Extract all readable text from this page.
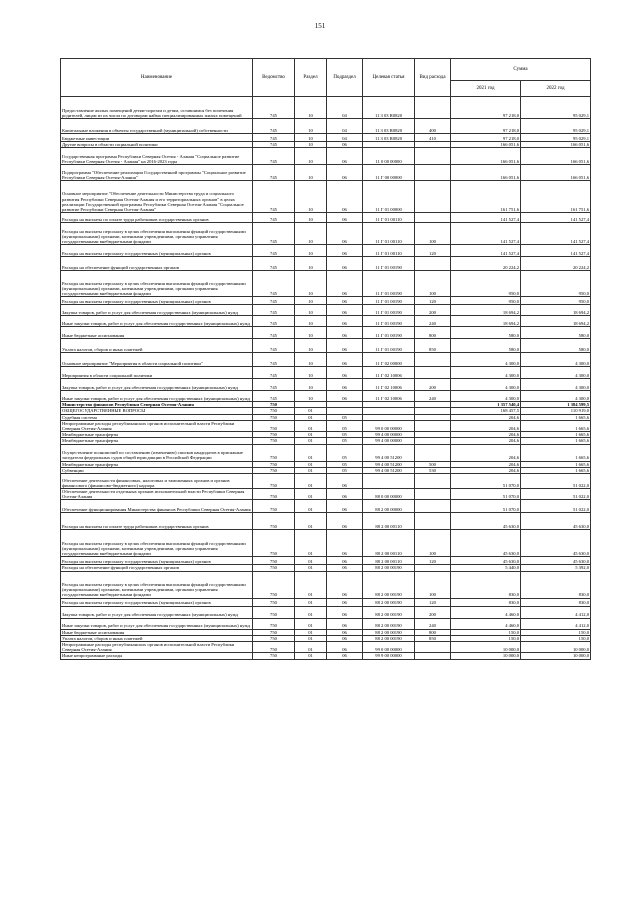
151
Наименование	Ведомство	Раздел	Подраздел	Целевая статья	Вид расхода	Сумма	
						2021 год	2022 год
Предоставление жилых помещений детям-сиротам и детям, оставшимся без попечения родителей, лицам из их числа по договорам найма специализированных жилых помещений	745	10	04	11 3 03 R0820		97 218,0	95 029,1
Капитальные вложения в объекты государственной (муниципальной) собственности	745	10	04	11 3 03 R0820	400	97 218,0	95 029,1
Бюджетные инвестиции	745	10	04	11 3 03 R0820	410	97 218,0	95 029,1
Другие вопросы в области социальной политики	745	10	06			166 051,6	166 051,6
Государственная программа Республики Северная Осетия - Алания "Социальное развитие Республики Северная Осетия - Алания" на 2016-2023 годы	745	10	06	11 0 00 00000		166 051,6	166 051,6
Подпрограмма "Обеспечение реализации Государственной программы "Социальное развитие Республики Северная Осетия-Алания"	745	10	06	11 Г 00 00000		166 051,6	166 051,6
Основное мероприятие "Обеспечение деятельности Министерства труда и социального развития Республики Северная Осетия-Алания и его территориальных органов" в целях реализации Государственной программы Республики Северная Осетия-Алания "Социальное развитие Республики Северная Осетия-Алания"	745	10	06	11 Г 01 00000		161 751,6	161 751,6
Расходы на выплаты по оплате труда работников государственных органов	745	10	06	11 Г 01 00110		141 527,4	141 527,4
Расходы на выплаты персоналу в целях обеспечения выполнения функций государственными (муниципальными) органами, казенными учреждениями, органами управления государственными внебюджетными фондами	745	10	06	11 Г 01 00110	100	141 527,4	141 527,4
Расходы на выплаты персоналу государственных (муниципальных) органов	745	10	06	11 Г 01 00110	120	141 527,4	141 527,4
Расходы на обеспечение функций государственных органов	745	10	06	11 Г 01 00190		20 224,2	20 224,2
Расходы на выплаты персоналу в целях обеспечения выполнения функций государственными (муниципальными) органами, казенными учреждениями, органами управления государственными внебюджетными фондами	745	10	06	11 Г 01 00190	100	950,0	950,0
Расходы на выплаты персоналу государственных (муниципальных) органов	745	10	06	11 Г 01 00190	120	950,0	950,0
Закупка товаров, работ и услуг для обеспечения государственных (муниципальных) нужд	745	10	06	11 Г 01 00190	200	18 694,2	18 694,2
Иные закупки товаров, работ и услуг для обеспечения государственных (муниципальных) нужд	745	10	06	11 Г 01 00190	240	18 694,2	18 694,2
Иные бюджетные ассигнования	745	10	06	11 Г 01 00190	800	580,0	580,0
Уплата налогов, сборов и иных платежей	745	10	06	11 Г 01 00190	850	580,0	580,0
Основное мероприятие "Мероприятия в области социальной политики"	745	10	06	11 Г 02 00000		4 300,0	4 300,0
Мероприятия в области социальной политики	745	10	06	11 Г 02 10006		4 300,0	4 300,0
Закупка товаров, работ и услуг для обеспечения государственных (муниципальных) нужд	745	10	06	11 Г 02 10006	200	4 300,0	4 300,0
Иные закупки товаров, работ и услуг для обеспечения государственных (муниципальных) нужд	745	10	06	11 Г 02 10006	240	4 300,0	4 300,0
Министерство финансов Республики Северная Осетия-Алания	750					1 357 540,4	1 384 599,5
ОБЩЕГОСУДАРСТВЕННЫЕ ВОПРОСЫ	750	01				168 457,5	110 919,0
Судебная система	750	01	05			204,6	1 665,6
Непрограммные расходы республиканских органов исполнительной власти Республики Северная Осетия-Алания	750	01	05	99 0 00 00000		204,6	1 665,6
Межбюджетные трансферты	750	01	05	99 4 00 00000		204,6	1 665,6
Межбюджетные трансферты	750	01	05	99 4 00 00000		204,6	1 665,6
Осуществление полномочий по составлению (изменению) списков кандидатов в присяжные заседатели федеральных судов общей юрисдикции в Российской Федерации	750	01	05	99 4 00 51200		204,6	1 665,6
Межбюджетные трансферты	750	01	05	99 4 00 51200	500	204,6	1 665,6
Субвенции	750	01	05	99 4 00 51200	530	204,6	1 665,6
Обеспечение деятельности финансовых, налоговых и таможенных органов и органов финансового (финансово-бюджетного) надзора	750	01	06			51 070,0	51 022,0
Обеспечение деятельности отдельных органов исполнительной власти Республики Северная Осетия-Алания	750	01	06	88 0 00 00000		51 070,0	51 022,0
Обеспечение функционирования Министерства финансов Республики Северная Осетия-Алания	750	01	06	88 2 00 00000		51 070,0	51 022,0
Расходы на выплаты по оплате труда работников государственных органов	750	01	06	88 2 00 00110		45 630,0	45 630,0
Расходы на выплаты персоналу в целях обеспечения выполнения функций государственными (муниципальными) органами, казенными учреждениями, органами управления государственными внебюджетными фондами	750	01	06	88 2 00 00110	100	45 630,0	45 630,0
Расходы на выплаты персоналу государственных (муниципальных) органов	750	01	06	88 2 00 00110	120	45 630,0	45 630,0
Расходы на обеспечение функций государственных органов	750	01	06	88 2 00 00190		5 440,0	5 392,0
Расходы на выплаты персоналу в целях обеспечения выполнения функций государственными (муниципальными) органами, казенными учреждениями, органами управления государственными внебюджетными фондами	750	01	06	88 2 00 00190	100	830,0	830,0
Расходы на выплаты персоналу государственных (муниципальных) органов	750	01	06	88 2 00 00190	120	830,0	830,0
Закупка товаров, работ и услуг для обеспечения государственных (муниципальных) нужд	750	01	06	88 2 00 00190	200	4 460,0	4 412,0
Иные закупки товаров, работ и услуг для обеспечения государственных (муниципальных) нужд	750	01	06	88 2 00 00190	240	4 460,0	4 412,0
Иные бюджетные ассигнования	750	01	06	88 2 00 00190	800	150,0	150,0
Уплата налогов, сборов и иных платежей	750	01	06	88 2 00 00190	850	150,0	150,0
Непрограммные расходы республиканских органов исполнительной власти Республики Северная Осетия-Алания	750	01	06	99 0 00 00000		10 000,0	10 000,0
Иные непрограммные расходы	750	01	06	99 9 00 00000		10 000,0	10 000,0
